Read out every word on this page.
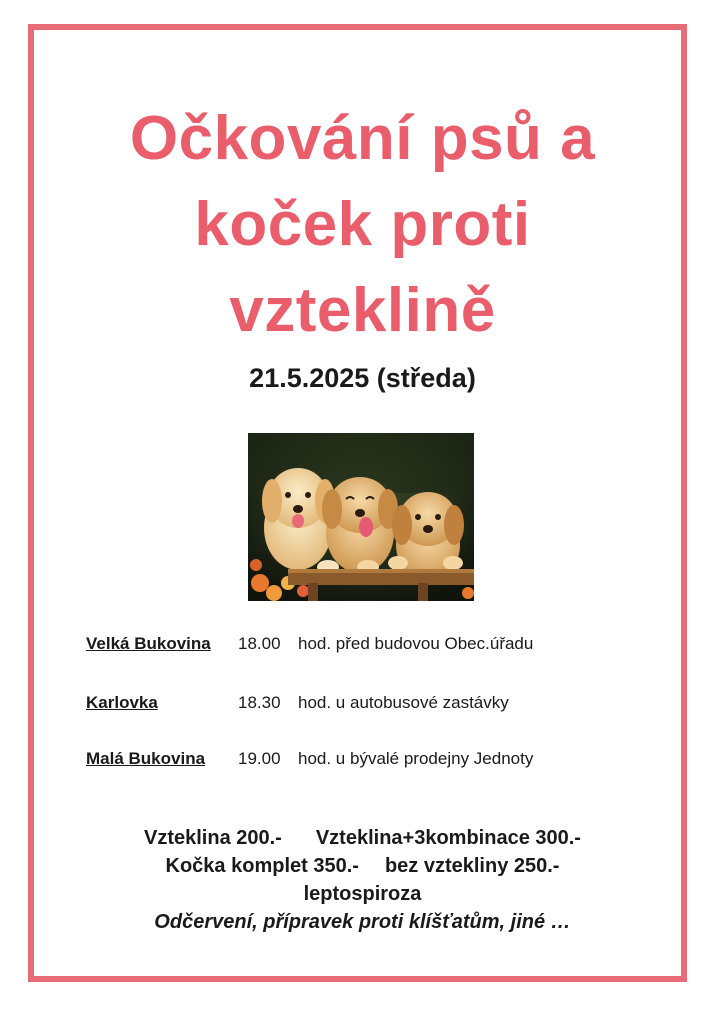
Očkování psů a
koček proti
vzteklině
21.5.2025 (středa)
Velká Bukovina 18.00 hod. před budovou Obec.úřadu
Karlovka	18.30 hod. u autobusové zastávky
Malá Bukovina 19.00 hod. u bývalé prodejny Jednoty
Vzteklina 200.- Vzteklina+3kombinace 300.-
Kočka komplet 350.- bez vztekliny 250.-
leptospiroza
Odčervení, přípravek proti klíšťatům, jiné …
